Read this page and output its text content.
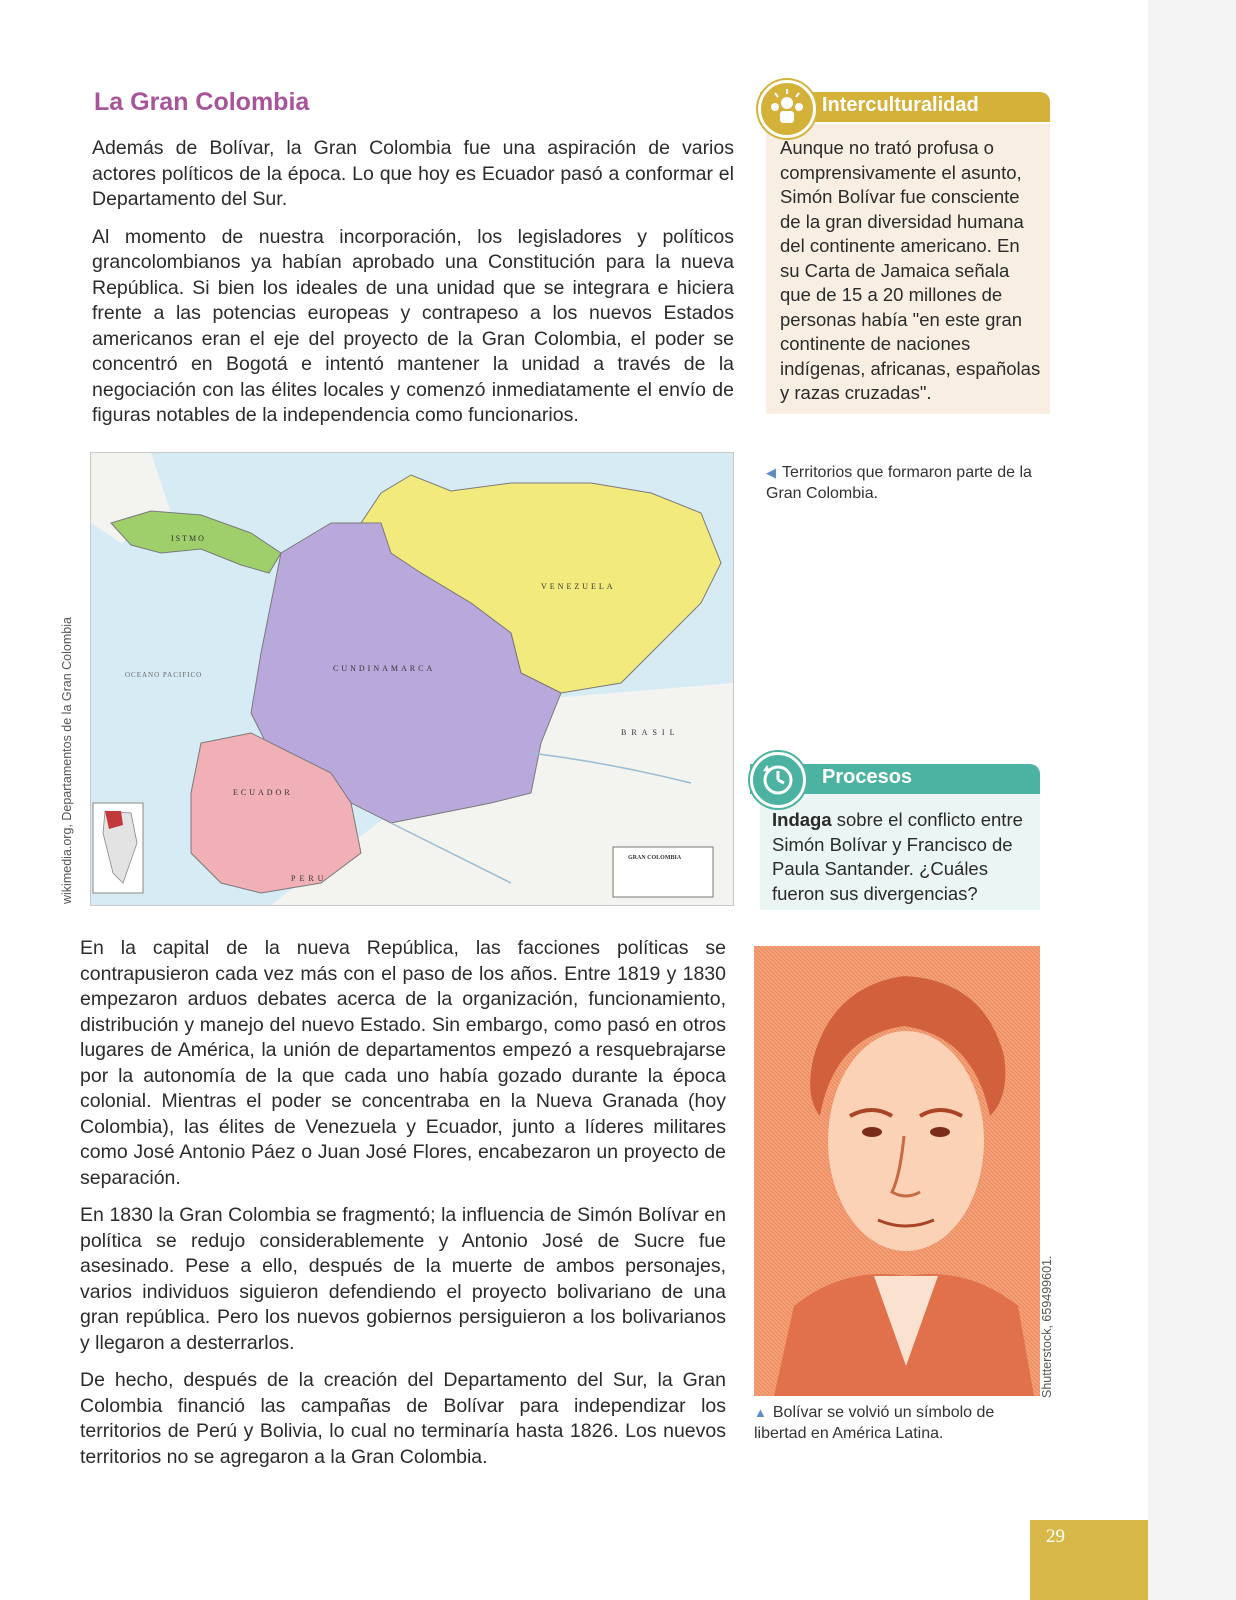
La Gran Colombia

Además de Bolívar, la Gran Colombia fue una aspiración de varios actores políticos de la época. Lo que hoy es Ecuador pasó a conformar el Departamento del Sur.

Al momento de nuestra incorporación, los legisladores y políticos grancolombianos ya habían aprobado una Constitución para la nueva República. Si bien los ideales de una unidad que se integrara e hiciera frente a las potencias europeas y contrapeso a los nuevos Estados americanos eran el eje del proyecto de la Gran Colombia, el poder se concentró en Bogotá e intentó mantener la unidad a través de la negociación con las élites locales y comenzó inmediatamente el envío de figuras notables de la independencia como funcionarios.

Interculturalidad
Aunque no trató profusa o comprensivamente el asunto, Simón Bolívar fue consciente de la gran diversidad humana del continente americano. En su Carta de Jamaica señala que de 15 a 20 millones de personas había "en este gran continente de naciones indígenas, africanas, españolas y razas cruzadas".
ISTMO
VENEZUELA
CUNDINAMARCA
ECUADOR
OCEANO PACIFICO
BRASIL
PERU
GRAN COLOMBIA
wikimedia.org, Departamentos de la Gran Colombia
◀ Territorios que formaron parte de la Gran Colombia.
Procesos
Indaga sobre el conflicto entre Simón Bolívar y Francisco de Paula Santander. ¿Cuáles fueron sus divergencias?

En la capital de la nueva República, las facciones políticas se contrapusieron cada vez más con el paso de los años. Entre 1819 y 1830 empezaron arduos debates acerca de la organización, funcionamiento, distribución y manejo del nuevo Estado. Sin embargo, como pasó en otros lugares de América, la unión de departamentos empezó a resquebrajarse por la autonomía de la que cada uno había gozado durante la época colonial. Mientras el poder se concentraba en la Nueva Granada (hoy Colombia), las élites de Venezuela y Ecuador, junto a líderes militares como José Antonio Páez o Juan José Flores, encabezaron un proyecto de separación.

En 1830 la Gran Colombia se fragmentó; la influencia de Simón Bolívar en política se redujo considerablemente y Antonio José de Sucre fue asesinado. Pese a ello, después de la muerte de ambos personajes, varios individuos siguieron defendiendo el proyecto bolivariano de una gran república. Pero los nuevos gobiernos persiguieron a los bolivarianos y llegaron a desterrarlos.

De hecho, después de la creación del Departamento del Sur, la Gran Colombia financió las campañas de Bolívar para independizar los territorios de Perú y Bolivia, lo cual no terminaría hasta 1826. Los nuevos territorios no se agregaron a la Gran Colombia.

Shutterstock, 659499601.
▲ Bolívar se volvió un símbolo de libertad en América Latina.
29
